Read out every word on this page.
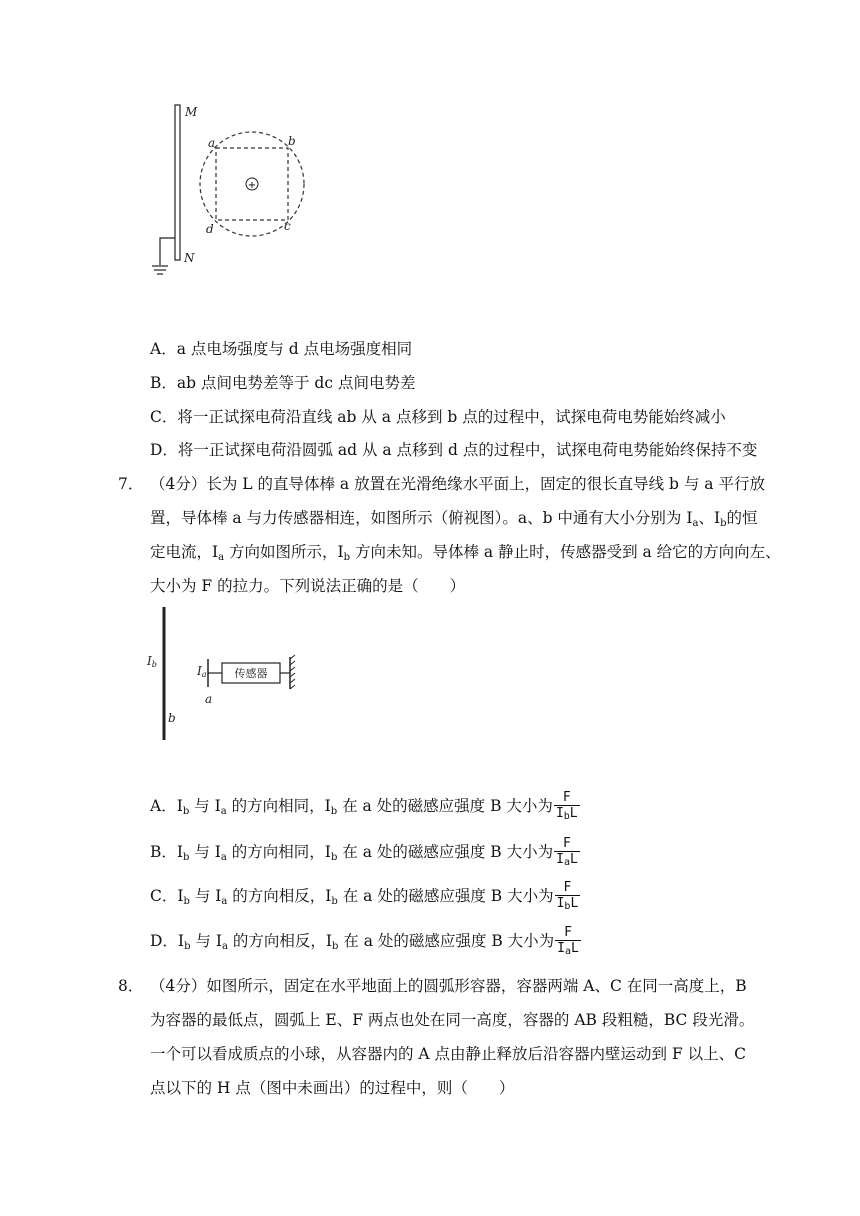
+
M
N
a	b
c
d
A．a 点电场强度与 d 点电场强度相同
B．ab 点间电势差等于 dc 点间电势差
C．将一正试探电荷沿直线 ab 从 a 点移到 b 点的过程中，试探电荷电势能始终减小
D．将一正试探电荷沿圆弧 ad 从 a 点移到 d 点的过程中，试探电荷电势能始终保持不变
7． （4分）长为 L 的直导体棒 a 放置在光滑绝缘水平面上，固定的很长直导线 b 与 a 平行放
置，导体棒 a 与力传感器相连，如图所示（俯视图）。a、b 中通有大小分别为 $I_a$、$I_b$的恒
定电流，$I_a$ 方向如图所示，$I_b$ 方向未知。导体棒 a 静止时，传感器受到 a 给它的方向向左、
大小为 F 的拉力。下列说法正确的是（　　）
Ib
b
Ia
a
传感器
A．$I_b$ 与 $I_a$ 的方向相同，$I_b$ 在 a 处的磁感应强度 B 大小为 $\frac{F}{I_bL}$
B．$I_b$ 与 $I_a$ 的方向相同，$I_b$ 在 a 处的磁感应强度 B 大小为 $\frac{F}{I_aL}$
C．$I_b$ 与 $I_a$ 的方向相反，$I_b$ 在 a 处的磁感应强度 B 大小为 $\frac{F}{I_bL}$
D．$I_b$ 与 $I_a$ 的方向相反，$I_b$ 在 a 处的磁感应强度 B 大小为 $\frac{F}{I_aL}$
8． （4分）如图所示，固定在水平地面上的圆弧形容器，容器两端 A、C 在同一高度上，B
为容器的最低点，圆弧上 E、F 两点也处在同一高度，容器的 AB 段粗糙，BC 段光滑。
一个可以看成质点的小球，从容器内的 A 点由静止释放后沿容器内壁运动到 F 以上、C
点以下的 H 点（图中未画出）的过程中，则（　　）
